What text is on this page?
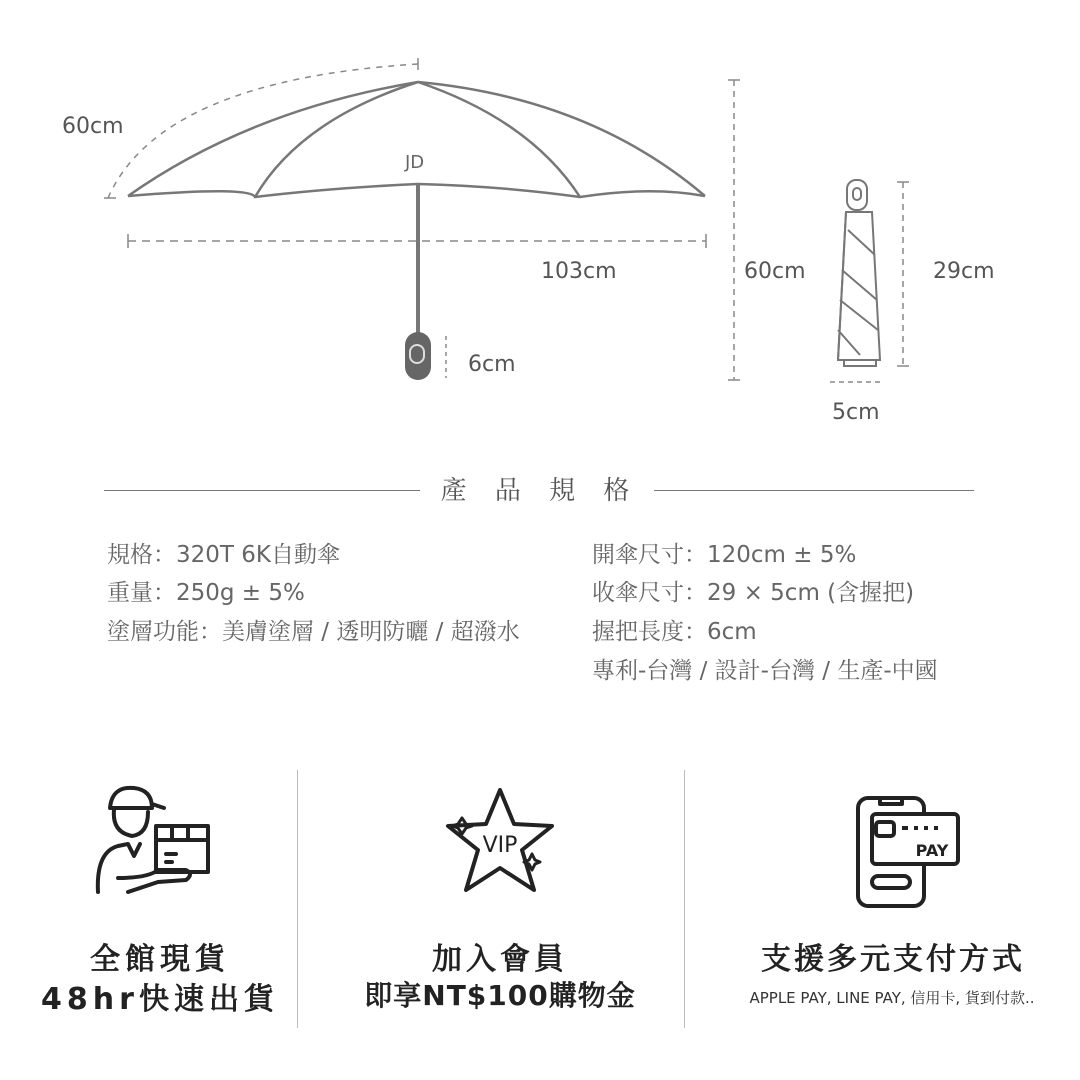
60cm
JD
103cm
6cm
60cm	29cm
5cm
產 品 規 格
規格：320T 6K自動傘
重量：250g ± 5%
塗層功能：美膚塗層 / 透明防曬 / 超潑水
開傘尺寸：120cm ± 5%
收傘尺寸：29 × 5cm (含握把)
握把長度：6cm
專利-台灣 / 設計-台灣 / 生產-中國
VIP	PAY
全館現貨
48hr快速出貨
加入會員
即享NT$100購物金
支援多元支付方式
APPLE PAY, LINE PAY, 信用卡, 貨到付款..
